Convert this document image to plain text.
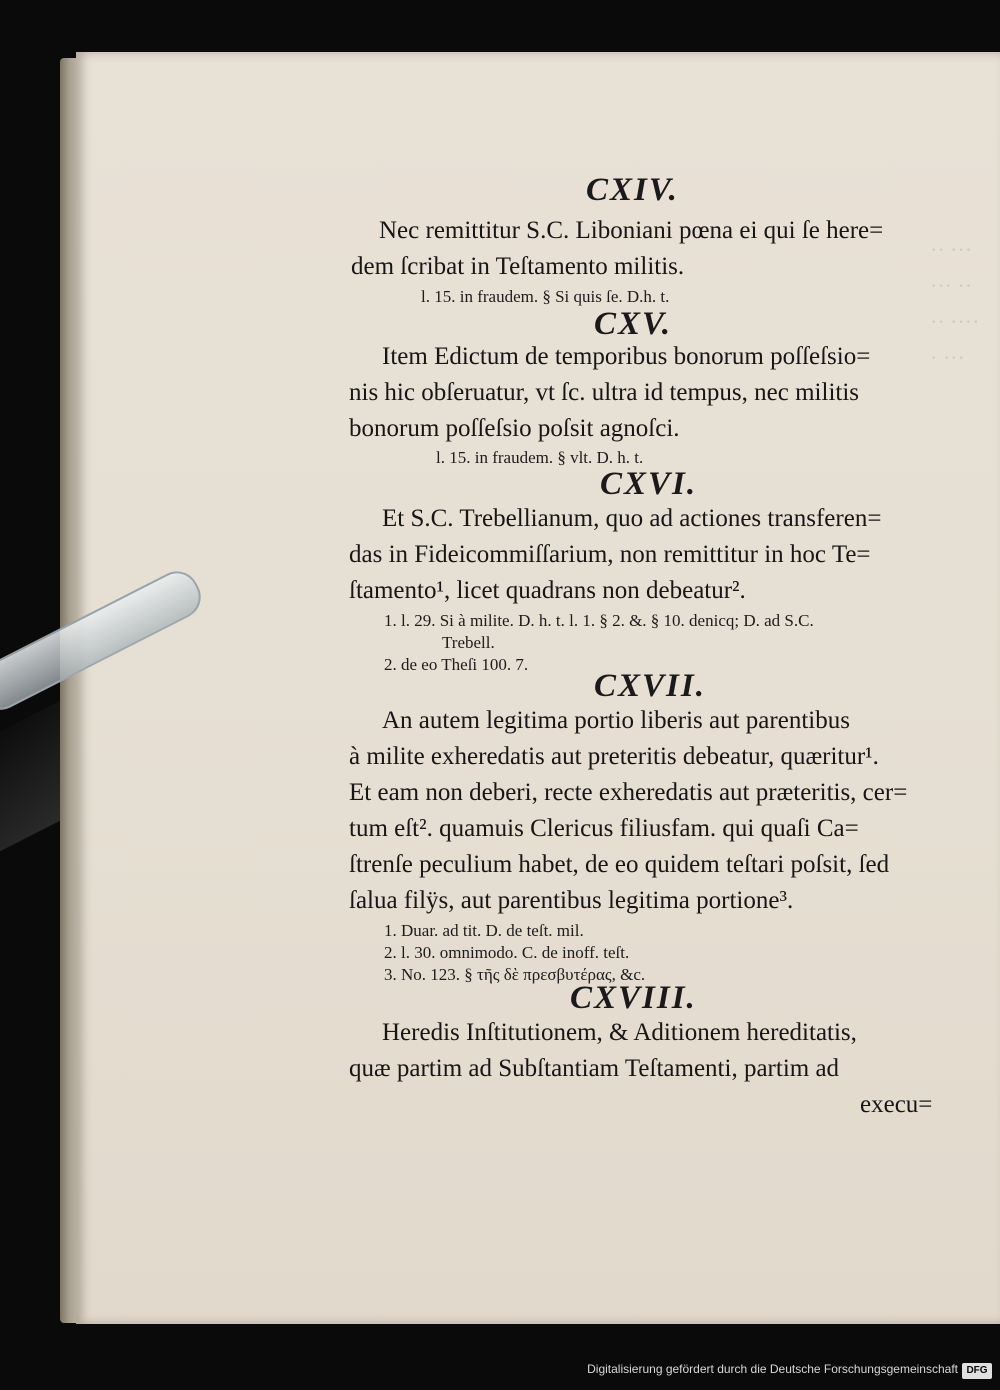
·· ···
··· ··
·· ····
· ···
CXIV.
Nec remittitur S.C. Liboniani pœna ei qui ſe here=
dem ſcribat in Teſtamento militis.
l. 15. in fraudem. § Si quis ſe. D.h. t.
CXV.
Item Edictum de temporibus bonorum poſſeſsio=
nis hic obſeruatur, vt ſc. ultra id tempus, nec militis
bonorum poſſeſsio poſsit agnoſci.
l. 15. in fraudem. § vlt. D. h. t.
CXVI.
Et S.C. Trebellianum, quo ad actiones transferen=
das in Fideicommiſſarium, non remittitur in hoc Te=
ſtamento¹, licet quadrans non debeatur².
1. l. 29. Si à milite. D. h. t. l. 1. § 2. &. § 10. denicq; D. ad S.C.
Trebell.
2. de eo Theſi 100. 7.
CXVII.
An autem legitima portio liberis aut parentibus
à milite exheredatis aut preteritis debeatur, quæritur¹.
Et eam non deberi, recte exheredatis aut præteritis, cer=
tum eſt². quamuis Clericus filiusfam. qui quaſi Ca=
ſtrenſe peculium habet, de eo quidem teſtari poſsit, ſed
ſalua filÿs, aut parentibus legitima portione³.
1. Duar. ad tit. D. de teſt. mil.
2. l. 30. omnimodo. C. de inoff. teſt.
3. No. 123. § τῆς δὲ πρεσβυτέρας, &c.
CXVIII.
Heredis Inſtitutionem, & Aditionem hereditatis,
quæ partim ad Subſtantiam Teſtamenti, partim ad
execu=
Digitalisierung gefördert durch die Deutsche Forschungsgemeinschaft DFG
